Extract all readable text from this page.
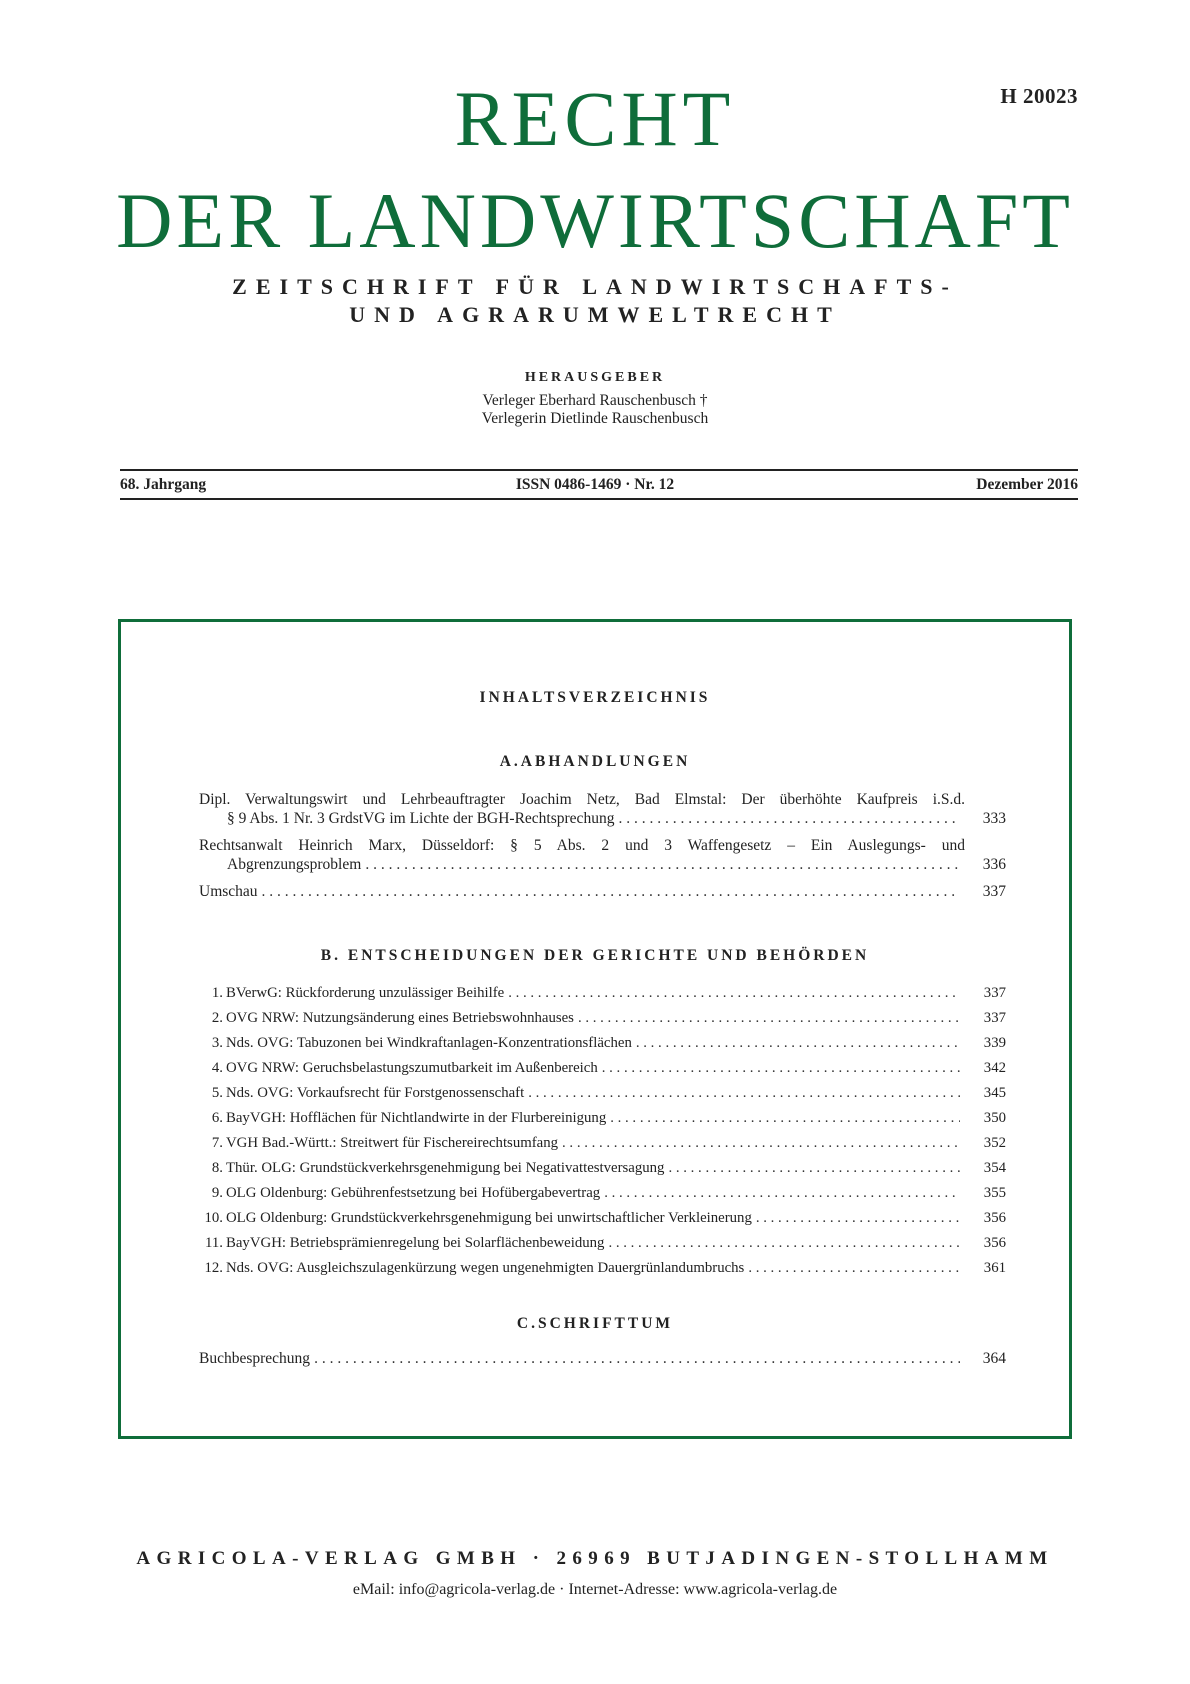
H 20023
RECHT
DER LANDWIRTSCHAFT
ZEITSCHRIFT FÜR LANDWIRTSCHAFTS-
UND AGRARUMWELTRECHT
HERAUSGEBER
Verleger Eberhard Rauschenbusch †
Verlegerin Dietlinde Rauschenbusch
68. Jahrgang	ISSN 0486-1469 · Nr. 12	Dezember 2016
INHALTSVERZEICHNIS
A.ABHANDLUNGEN
Dipl. Verwaltungswirt und Lehrbeauftragter Joachim Netz, Bad Elmstal: Der überhöhte Kaufpreis i.S.d.
§ 9 Abs. 1 Nr. 3 GrdstVG im Lichte der BGH-Rechtsprechung . . .	333
Rechtsanwalt Heinrich Marx, Düsseldorf: § 5 Abs. 2 und 3 Waffengesetz – Ein Auslegungs- und
Abgrenzungsproblem . . .	336
Umschau . . .	337
B. ENTSCHEIDUNGEN DER GERICHTE UND BEHÖRDEN
1. BVerwG: Rückforderung unzulässiger Beihilfe . . .	337
2. OVG NRW: Nutzungsänderung eines Betriebswohnhauses . . .	337
3. Nds. OVG: Tabuzonen bei Windkraftanlagen-Konzentrationsflächen . . .	339
4. OVG NRW: Geruchsbelastungszumutbarkeit im Außenbereich . . .	342
5. Nds. OVG: Vorkaufsrecht für Forstgenossenschaft . . .	345
6. BayVGH: Hofflächen für Nichtlandwirte in der Flurbereinigung . . .	350
7. VGH Bad.-Württ.: Streitwert für Fischereirechtsumfang . . .	352
8. Thür. OLG: Grundstückverkehrsgenehmigung bei Negativattestversagung . . .	354
9. OLG Oldenburg: Gebührenfestsetzung bei Hofübergabevertrag . . .	355
10. OLG Oldenburg: Grundstückverkehrsgenehmigung bei unwirtschaftlicher Verkleinerung . . .	356
11. BayVGH: Betriebsprämienregelung bei Solarflächenbeweidung . . .	356
12. Nds. OVG: Ausgleichszulagenkürzung wegen ungenehmigten Dauergrünlandumbruchs . . .	361
C.SCHRIFTTUM
Buchbesprechung . . .	364
AGRICOLA-VERLAG GMBH · 26969 BUTJADINGEN-STOLLHAMM
eMail: info@agricola-verlag.de · Internet-Adresse: www.agricola-verlag.de
